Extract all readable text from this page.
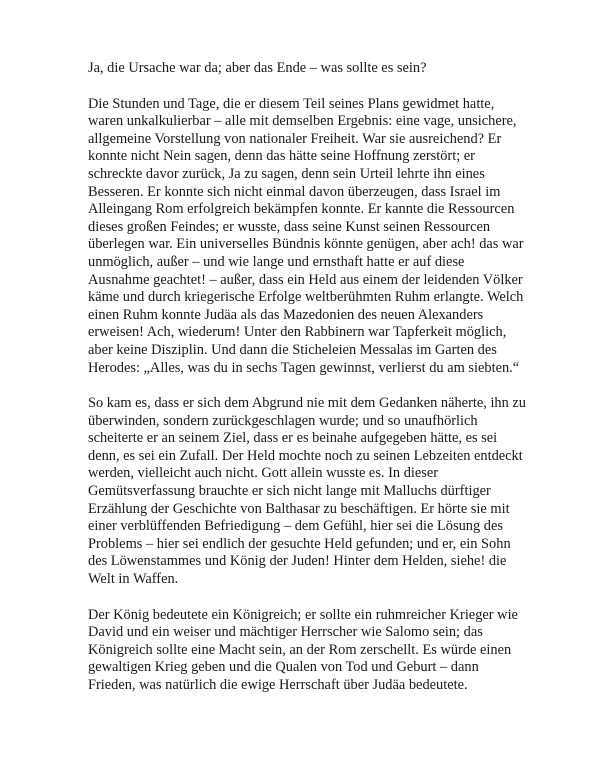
Ja, die Ursache war da; aber das Ende – was sollte es sein?

Die Stunden und Tage, die er diesem Teil seines Plans gewidmet hatte, waren unkalkulierbar – alle mit demselben Ergebnis: eine vage, unsichere, allgemeine Vorstellung von nationaler Freiheit. War sie ausreichend? Er konnte nicht Nein sagen, denn das hätte seine Hoffnung zerstört; er schreckte davor zurück, Ja zu sagen, denn sein Urteil lehrte ihn eines Besseren. Er konnte sich nicht einmal davon überzeugen, dass Israel im Alleingang Rom erfolgreich bekämpfen konnte. Er kannte die Ressourcen dieses großen Feindes; er wusste, dass seine Kunst seinen Ressourcen überlegen war. Ein universelles Bündnis könnte genügen, aber ach! das war unmöglich, außer – und wie lange und ernsthaft hatte er auf diese Ausnahme geachtet! – außer, dass ein Held aus einem der leidenden Völker käme und durch kriegerische Erfolge weltberühmten Ruhm erlangte. Welch einen Ruhm konnte Judäa als das Mazedonien des neuen Alexanders erweisen! Ach, wiederum! Unter den Rabbinern war Tapferkeit möglich, aber keine Disziplin. Und dann die Sticheleien Messalas im Garten des Herodes: „Alles, was du in sechs Tagen gewinnst, verlierst du am siebten.“

So kam es, dass er sich dem Abgrund nie mit dem Gedanken näherte, ihn zu überwinden, sondern zurückgeschlagen wurde; und so unaufhörlich scheiterte er an seinem Ziel, dass er es beinahe aufgegeben hätte, es sei denn, es sei ein Zufall. Der Held mochte noch zu seinen Lebzeiten entdeckt werden, vielleicht auch nicht. Gott allein wusste es. In dieser Gemütsverfassung brauchte er sich nicht lange mit Malluchs dürftiger Erzählung der Geschichte von Balthasar zu beschäftigen. Er hörte sie mit einer verblüffenden Befriedigung – dem Gefühl, hier sei die Lösung des Problems – hier sei endlich der gesuchte Held gefunden; und er, ein Sohn des Löwenstammes und König der Juden! Hinter dem Helden, siehe! die Welt in Waffen.

Der König bedeutete ein Königreich; er sollte ein ruhmreicher Krieger wie David und ein weiser und mächtiger Herrscher wie Salomo sein; das Königreich sollte eine Macht sein, an der Rom zerschellt. Es würde einen gewaltigen Krieg geben und die Qualen von Tod und Geburt – dann Frieden, was natürlich die ewige Herrschaft über Judäa bedeutete.
